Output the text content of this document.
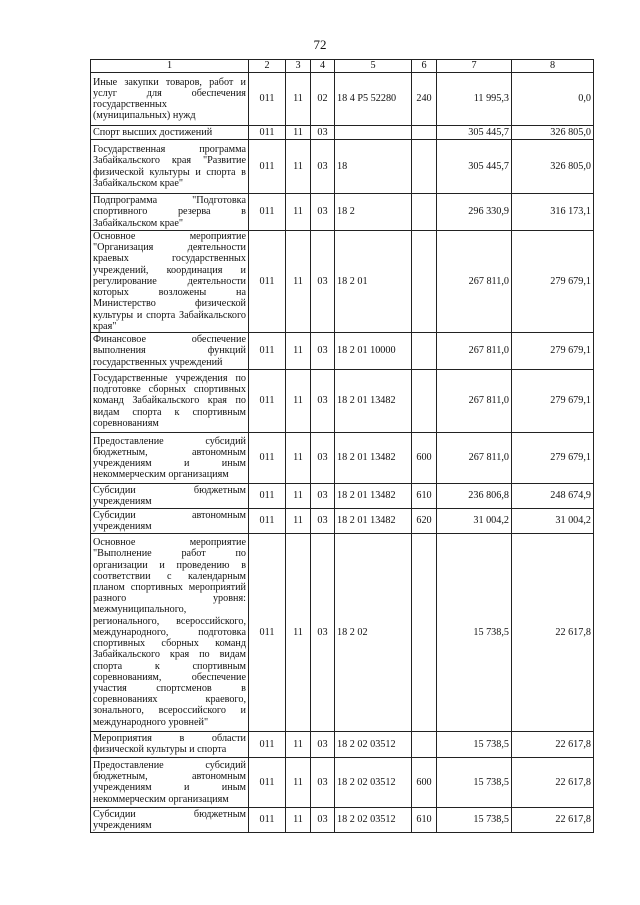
72
1	2	3	4	5	6	7	8
Иные закупки товаров, работ и услуг для обеспечения государственных (муниципальных) нужд	011	11	02	18 4 P5 52280	240	11 995,3	0,0
Спорт высших достижений	011	11	03			305 445,7	326 805,0
Государственная программа Забайкальского края "Развитие физической культуры и спорта в Забайкальском крае"	011	11	03	18		305 445,7	326 805,0
Подпрограмма "Подготовка спортивного резерва в Забайкальском крае"	011	11	03	18 2		296 330,9	316 173,1
Основное мероприятие "Организация деятельности краевых государственных учреждений, координация и регулирование деятельности которых возложены на Министерство физической культуры и спорта Забайкальского края"	011	11	03	18 2 01		267 811,0	279 679,1
Финансовое обеспечение выполнения функций государственных учреждений	011	11	03	18 2 01 10000		267 811,0	279 679,1
Государственные учреждения по подготовке сборных спортивных команд Забайкальского края по видам спорта к спортивным соревнованиям	011	11	03	18 2 01 13482		267 811,0	279 679,1
Предоставление субсидий бюджетным, автономным учреждениям и иным некоммерческим организациям	011	11	03	18 2 01 13482	600	267 811,0	279 679,1
Субсидии бюджетным учреждениям	011	11	03	18 2 01 13482	610	236 806,8	248 674,9
Субсидии автономным учреждениям	011	11	03	18 2 01 13482	620	31 004,2	31 004,2
Основное мероприятие "Выполнение работ по организации и проведению в соответствии с календарным планом спортивных мероприятий разного уровня: межмуниципального, регионального, всероссийского, международного, подготовка спортивных сборных команд Забайкальского края по видам спорта к спортивным соревнованиям, обеспечение участия спортсменов в соревнованиях краевого, зонального, всероссийского и международного уровней"	011	11	03	18 2 02		15 738,5	22 617,8
Мероприятия в области физической культуры и спорта	011	11	03	18 2 02 03512		15 738,5	22 617,8
Предоставление субсидий бюджетным, автономным учреждениям и иным некоммерческим организациям	011	11	03	18 2 02 03512	600	15 738,5	22 617,8
Субсидии бюджетным учреждениям	011	11	03	18 2 02 03512	610	15 738,5	22 617,8
